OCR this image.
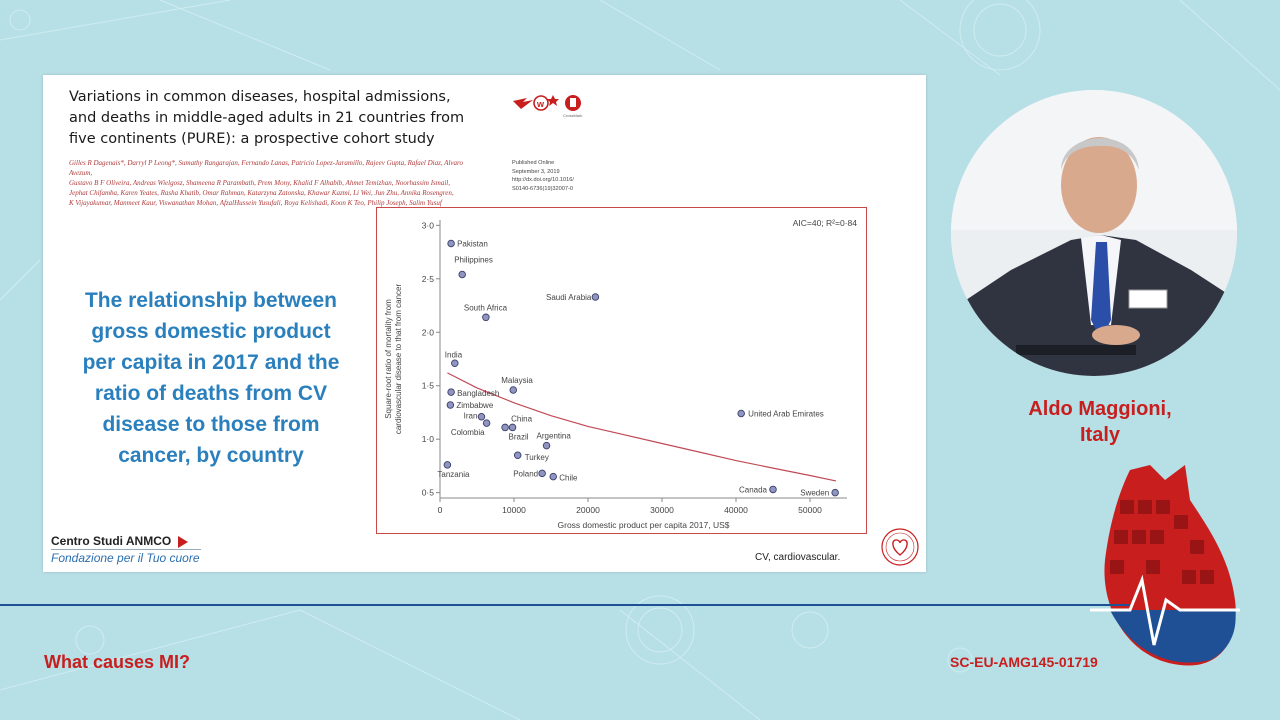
Variations in common diseases, hospital admissions,
and deaths in middle-aged adults in 21 countries from
five continents (PURE): a prospective cohort study
w
CrossMark
Gilles R Dagenais*, Darryl P Leong*, Sumathy Rangarajan, Fernando Lanas, Patricio Lopez-Jaramillo, Rajeev Gupta, Rafael Diaz, Alvaro Avezum,
Gustavo B F Oliveira, Andreas Wielgosz, Shameena R Parambath, Prem Mony, Khalid F Alhabib, Ahmet Temizhan, Noorhassim Ismail,
Jephat Chifamba, Karen Yeates, Rasha Khatib, Omar Rahman, Katarzyna Zatonska, Khawar Kazmi, Li Wei, Jun Zhu, Annika Rosengren,
K Vijayakumar, Manmeet Kaur, Viswanathan Mohan, AfzalHussein Yusufali, Roya Kelishadi, Koon K Teo, Philip Joseph, Salim Yusuf
Published Online
September 3, 2019
http://dx.doi.org/10.1016/
S0140-6736(19)32007-0
The relationship between
gross domestic product
per capita in 2017 and the
ratio of deaths from CV
disease to those from
cancer, by country
0·5
1·0
1·5
2·0
2·5
3·0
0	10000	20000	30000	40000	50000
Gross domestic product per capita 2017, US$
Square-root ratio of mortality fromcardiovascular disease to that from cancer
AIC=40; R²=0·84
Pakistan
Philippines
Saudi Arabia
South Africa
India
Malaysia
Bangladesh
Zimbabwe
Iran
Colombia
China
Brazil
United Arab Emirates
Argentina
Turkey
Tanzania	Poland	Chile
Canada	Sweden
Centro Studi ANMCO
Fondazione per il Tuo cuore	CV, cardiovascular.
Aldo Maggioni,
Italy
What causes MI?	SC-EU-AMG145-01719
